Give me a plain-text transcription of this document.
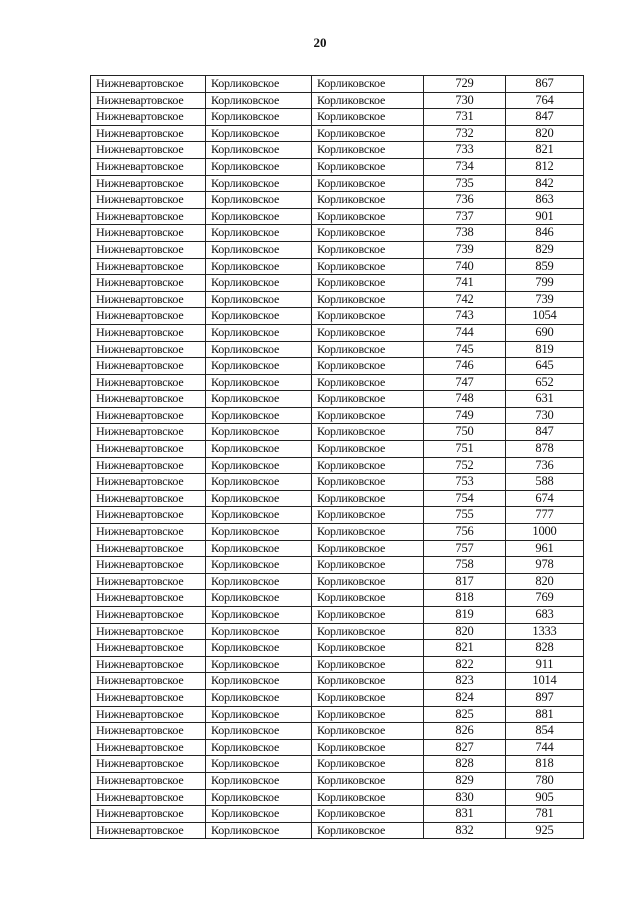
20
Нижневартовское	Корликовское	Корликовское	729	867
Нижневартовское	Корликовское	Корликовское	730	764
Нижневартовское	Корликовское	Корликовское	731	847
Нижневартовское	Корликовское	Корликовское	732	820
Нижневартовское	Корликовское	Корликовское	733	821
Нижневартовское	Корликовское	Корликовское	734	812
Нижневартовское	Корликовское	Корликовское	735	842
Нижневартовское	Корликовское	Корликовское	736	863
Нижневартовское	Корликовское	Корликовское	737	901
Нижневартовское	Корликовское	Корликовское	738	846
Нижневартовское	Корликовское	Корликовское	739	829
Нижневартовское	Корликовское	Корликовское	740	859
Нижневартовское	Корликовское	Корликовское	741	799
Нижневартовское	Корликовское	Корликовское	742	739
Нижневартовское	Корликовское	Корликовское	743	1054
Нижневартовское	Корликовское	Корликовское	744	690
Нижневартовское	Корликовское	Корликовское	745	819
Нижневартовское	Корликовское	Корликовское	746	645
Нижневартовское	Корликовское	Корликовское	747	652
Нижневартовское	Корликовское	Корликовское	748	631
Нижневартовское	Корликовское	Корликовское	749	730
Нижневартовское	Корликовское	Корликовское	750	847
Нижневартовское	Корликовское	Корликовское	751	878
Нижневартовское	Корликовское	Корликовское	752	736
Нижневартовское	Корликовское	Корликовское	753	588
Нижневартовское	Корликовское	Корликовское	754	674
Нижневартовское	Корликовское	Корликовское	755	777
Нижневартовское	Корликовское	Корликовское	756	1000
Нижневартовское	Корликовское	Корликовское	757	961
Нижневартовское	Корликовское	Корликовское	758	978
Нижневартовское	Корликовское	Корликовское	817	820
Нижневартовское	Корликовское	Корликовское	818	769
Нижневартовское	Корликовское	Корликовское	819	683
Нижневартовское	Корликовское	Корликовское	820	1333
Нижневартовское	Корликовское	Корликовское	821	828
Нижневартовское	Корликовское	Корликовское	822	911
Нижневартовское	Корликовское	Корликовское	823	1014
Нижневартовское	Корликовское	Корликовское	824	897
Нижневартовское	Корликовское	Корликовское	825	881
Нижневартовское	Корликовское	Корликовское	826	854
Нижневартовское	Корликовское	Корликовское	827	744
Нижневартовское	Корликовское	Корликовское	828	818
Нижневартовское	Корликовское	Корликовское	829	780
Нижневартовское	Корликовское	Корликовское	830	905
Нижневартовское	Корликовское	Корликовское	831	781
Нижневартовское	Корликовское	Корликовское	832	925
